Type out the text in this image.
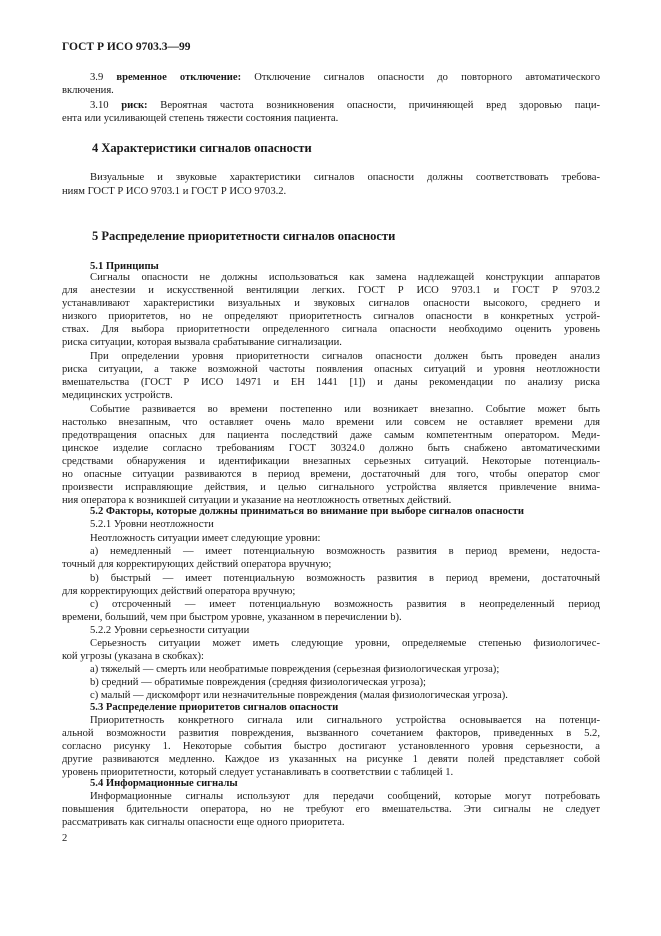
ГОСТ Р ИСО 9703.3—99
3.9 временное отключение: Отключение сигналов опасности до повторного автоматического
включения.
3.10 риск: Вероятная частота возникновения опасности, причиняющей вред здоровью паци-
ента или усиливающей степень тяжести состояния пациента.
4 Характеристики сигналов опасности
Визуальные и звуковые характеристики сигналов опасности должны соответствовать требова-
ниям ГОСТ Р ИСО 9703.1 и ГОСТ Р ИСО 9703.2.
5 Распределение приоритетности сигналов опасности
5.1 Принципы
Сигналы опасности не должны использоваться как замена надлежащей конструкции аппаратов
для анестезии и искусственной вентиляции легких. ГОСТ Р ИСО 9703.1 и ГОСТ Р 9703.2
устанавливают характеристики визуальных и звуковых сигналов опасности высокого, среднего и
низкого приоритетов, но не определяют приоритетность сигналов опасности в конкретных устрой-
ствах. Для выбора приоритетности определенного сигнала опасности необходимо оценить уровень
риска ситуации, которая вызвала срабатывание сигнализации.
При определении уровня приоритетности сигналов опасности должен быть проведен анализ
риска ситуации, а также возможной частоты появления опасных ситуаций и уровня неотложности
вмешательства (ГОСТ Р ИСО 14971 и ЕН 1441 [1]) и даны рекомендации по анализу риска
медицинских устройств.
Событие развивается во времени постепенно или возникает внезапно. Событие может быть
настолько внезапным, что оставляет очень мало времени или совсем не оставляет времени для
предотвращения опасных для пациента последствий даже самым компетентным оператором. Меди-
цинское изделие согласно требованиям ГОСТ 30324.0 должно быть снабжено автоматическими
средствами обнаружения и идентификации внезапных серьезных ситуаций. Некоторые потенциаль-
но опасные ситуации развиваются в период времени, достаточный для того, чтобы оператор смог
произвести исправляющие действия, и целью сигнального устройства является привлечение внима-
ния оператора к возникшей ситуации и указание на неотложность ответных действий.
5.2 Факторы, которые должны приниматься во внимание при выборе сигналов опасности
5.2.1 Уровни неотложности
Неотложность ситуации имеет следующие уровни:
а) немедленный — имеет потенциальную возможность развития в период времени, недоста-
точный для корректирующих действий оператора вручную;
b) быстрый — имеет потенциальную возможность развития в период времени, достаточный
для корректирующих действий оператора вручную;
с) отсроченный — имеет потенциальную возможность развития в неопределенный период
времени, больший, чем при быстром уровне, указанном в перечислении b).
5.2.2 Уровни серьезности ситуации
Серьезность ситуации может иметь следующие уровни, определяемые степенью физиологичес-
кой угрозы (указана в скобках):
а) тяжелый — смерть или необратимые повреждения (серьезная физиологическая угроза);
b) средний — обратимые повреждения (средняя физиологическая угроза);
с) малый — дискомфорт или незначительные повреждения (малая физиологическая угроза).
5.3 Распределение приоритетов сигналов опасности
Приоритетность конкретного сигнала или сигнального устройства основывается на потенци-
альной возможности развития повреждения, вызванного сочетанием факторов, приведенных в 5.2,
согласно рисунку 1. Некоторые события быстро достигают установленного уровня серьезности, а
другие развиваются медленно. Каждое из указанных на рисунке 1 девяти полей представляет собой
уровень приоритетности, который следует устанавливать в соответствии с таблицей 1.
5.4 Информационные сигналы
Информационные сигналы используют для передачи сообщений, которые могут потребовать
повышения бдительности оператора, но не требуют его вмешательства. Эти сигналы не следует
рассматривать как сигналы опасности еще одного приоритета.
2
